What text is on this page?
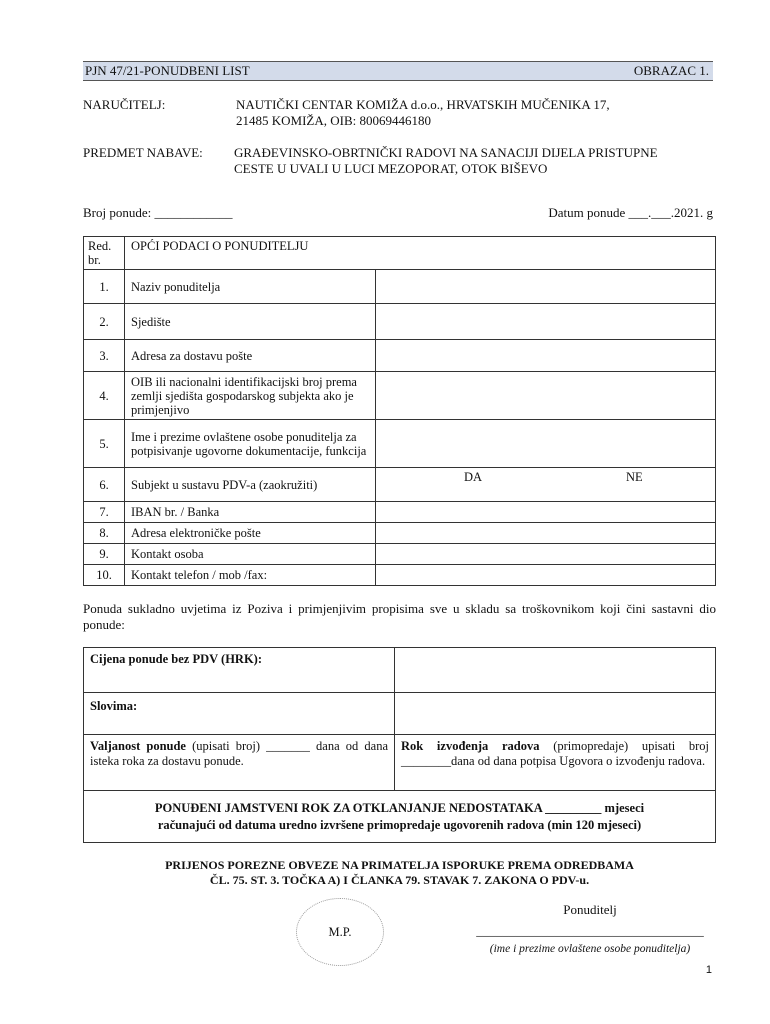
PJN 47/21-PONUDBENI LIST	OBRAZAC 1.
NARUČITELJ:	NAUTIČKI CENTAR KOMIŽA d.o.o., HRVATSKIH MUČENIKA 17,
21485 KOMIŽA, OIB: 80069446180
PREDMET NABAVE: GRAĐEVINSKO-OBRTNIČKI RADOVI NA SANACIJI DIJELA PRISTUPNE
CESTE U UVALI U LUCI MEZOPORAT, OTOK BIŠEVO
Broj ponude: ____________	Datum ponude ___.___.2021. g
Red. br.	OPĆI PODACI O PONUDITELJU	
1.	Naziv ponuditelja	
2.	Sjedište	
3.	Adresa za dostavu pošte	
4.	OIB ili nacionalni identifikacijski broj prema zemlji sjedišta gospodarskog subjekta ako je primjenjivo	
5.	Ime i prezime ovlaštene osobe ponuditelja za potpisivanje ugovorne dokumentacije, funkcija	
6.	Subjekt u sustavu PDV-a (zaokružiti)	DA NE

7.	IBAN br. / Banka	
8.	Adresa elektroničke pošte	
9.	Kontakt osoba	
10.	Kontakt telefon / mob /fax:	
Ponuda sukladno uvjetima iz Poziva i primjenjivim propisima sve u skladu sa troškovnikom koji čini sastavni dio ponude:
Cijena ponude bez PDV (HRK):	
Slovima:	
Valjanost ponude (upisati broj) _______ dana od dana isteka roka za dostavu ponude.	Rok izvođenja radova (primopredaje) upisati broj ________dana od dana potpisa Ugovora o izvođenju radova.

PONUĐENI JAMSTVENI ROK ZA OTKLANJANJE NEDOSTATAKA _________ mjeseci
računajući od datuma uredno izvršene primopredaje ugovorenih radova (min 120 mjeseci)	
PRIJENOS POREZNE OBVEZE NA PRIMATELJA ISPORUKE PREMA ODREDBAMA
ČL. 75. ST. 3. TOČKA A) I ČLANKA 79. STAVAK 7. ZAKONA O PDV-u.
M.P.
Ponuditelj
___________________________________
(ime i prezime ovlaštene osobe ponuditelja)
1
